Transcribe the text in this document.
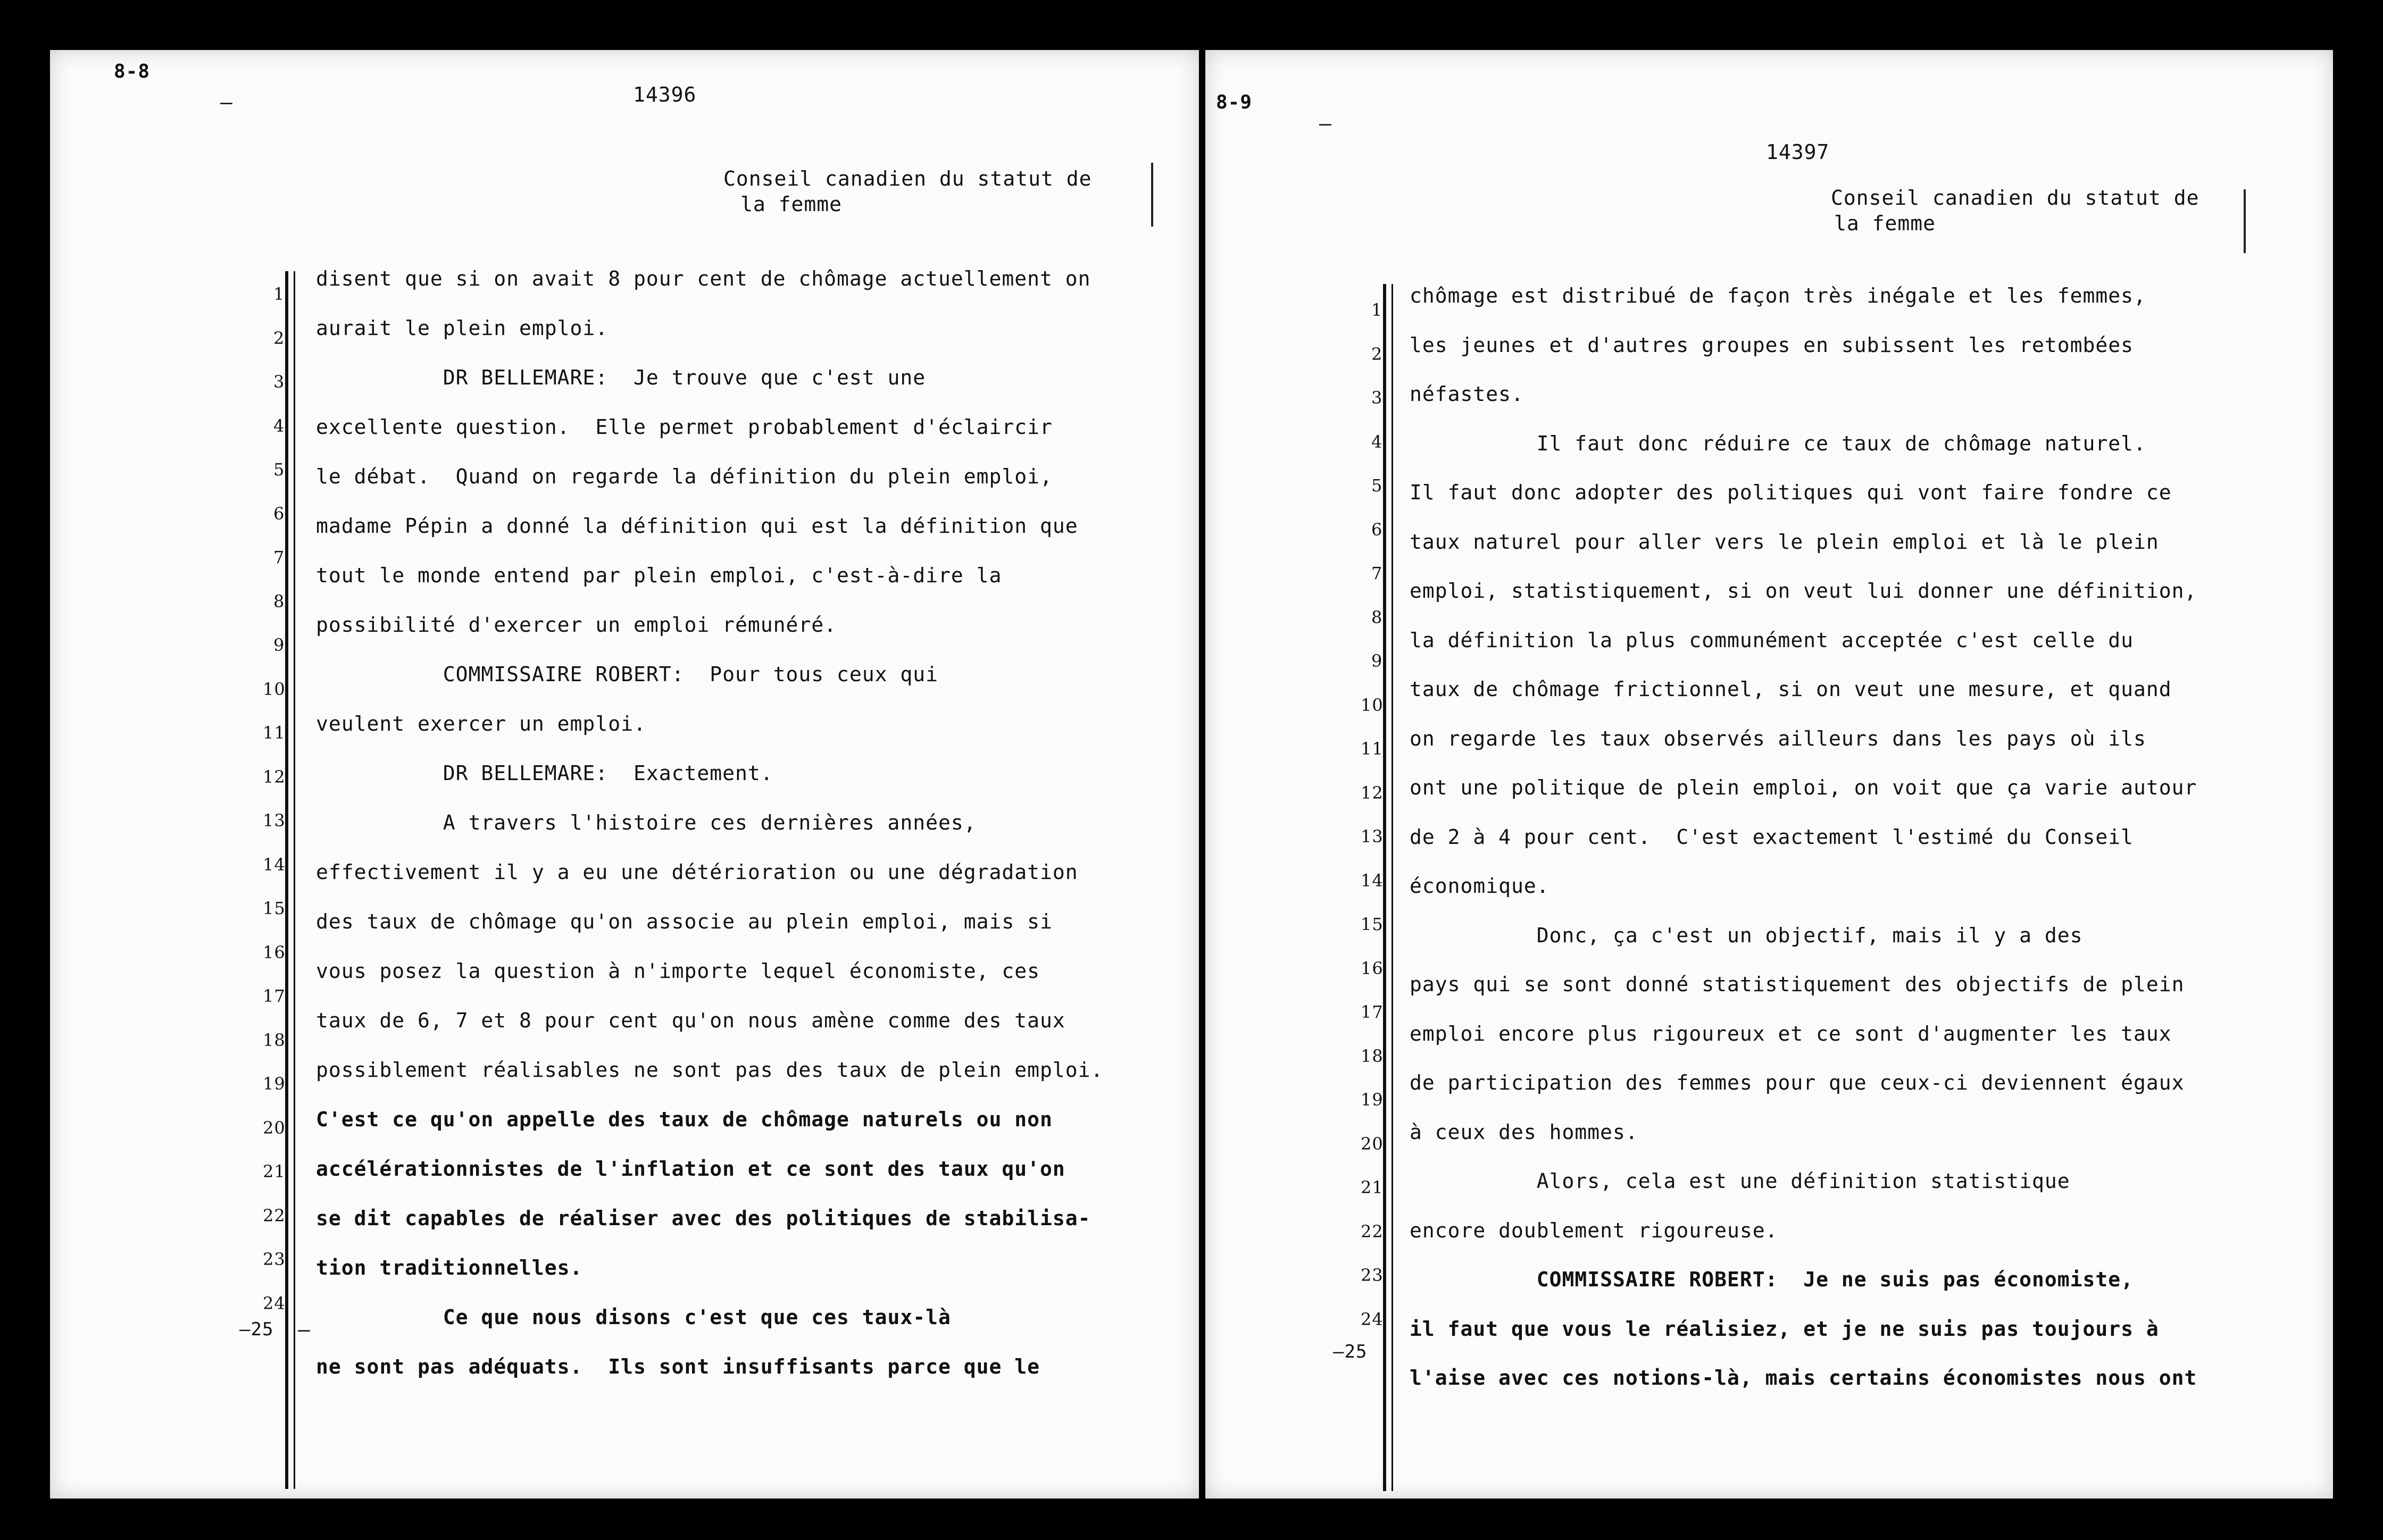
8-8
—	14396
Conseil canadien du statut de
la femme
1
2
3
4
5
6
7
8
9
10
11
12
13
14
15
16
17
18
19
20
21
22
23
24
—25 —
disent que si on avait 8 pour cent de chômage actuellement on
aurait le plein emploi.
DR BELLEMARE:  Je trouve que c'est une
excellente question.  Elle permet probablement d'éclaircir
le débat.  Quand on regarde la définition du plein emploi,
madame Pépin a donné la définition qui est la définition que
tout le monde entend par plein emploi, c'est-à-dire la
possibilité d'exercer un emploi rémunéré.
COMMISSAIRE ROBERT:  Pour tous ceux qui
veulent exercer un emploi.
DR BELLEMARE:  Exactement.
A travers l'histoire ces dernières années,
effectivement il y a eu une détérioration ou une dégradation
des taux de chômage qu'on associe au plein emploi, mais si
vous posez la question à n'importe lequel économiste, ces
taux de 6, 7 et 8 pour cent qu'on nous amène comme des taux
possiblement réalisables ne sont pas des taux de plein emploi.
C'est ce qu'on appelle des taux de chômage naturels ou non
accélérationnistes de l'inflation et ce sont des taux qu'on
se dit capables de réaliser avec des politiques de stabilisa-
tion traditionnelles.
Ce que nous disons c'est que ces taux-là
ne sont pas adéquats.  Ils sont insuffisants parce que le
8-9
—
14397
Conseil canadien du statut de
la femme
1
2
3
4
5
6
7
8
9
10
11
12
13
14
15
16
17
18
19
20
21
22
23
24
—25
chômage est distribué de façon très inégale et les femmes,
les jeunes et d'autres groupes en subissent les retombées
néfastes.
Il faut donc réduire ce taux de chômage naturel.
Il faut donc adopter des politiques qui vont faire fondre ce
taux naturel pour aller vers le plein emploi et là le plein
emploi, statistiquement, si on veut lui donner une définition,
la définition la plus communément acceptée c'est celle du
taux de chômage frictionnel, si on veut une mesure, et quand
on regarde les taux observés ailleurs dans les pays où ils
ont une politique de plein emploi, on voit que ça varie autour
de 2 à 4 pour cent.  C'est exactement l'estimé du Conseil
économique.
Donc, ça c'est un objectif, mais il y a des
pays qui se sont donné statistiquement des objectifs de plein
emploi encore plus rigoureux et ce sont d'augmenter les taux
de participation des femmes pour que ceux-ci deviennent égaux
à ceux des hommes.
Alors, cela est une définition statistique
encore doublement rigoureuse.
COMMISSAIRE ROBERT:  Je ne suis pas économiste,
il faut que vous le réalisiez, et je ne suis pas toujours à
l'aise avec ces notions-là, mais certains économistes nous ont
